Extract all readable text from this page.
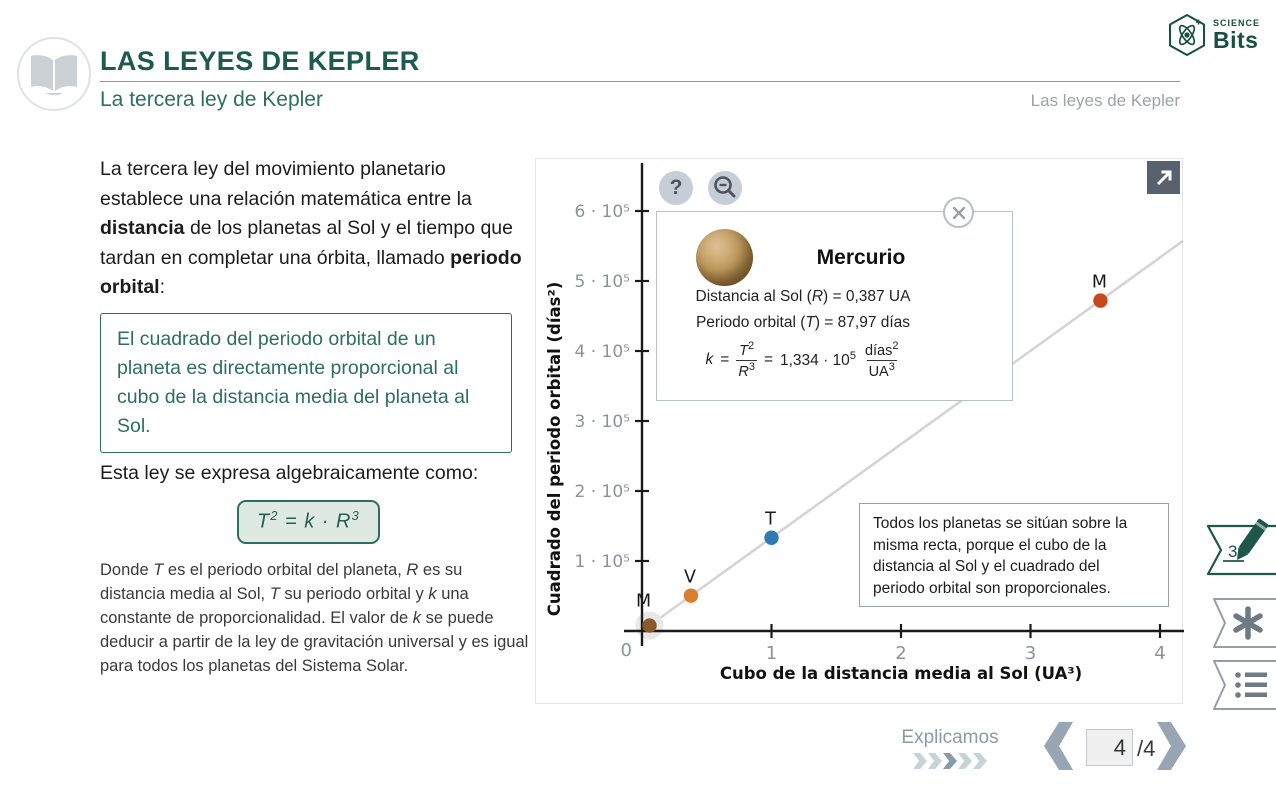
LAS LEYES DE KEPLER
La tercera ley de Kepler	Las leyes de Kepler
SCIENCE
Bits

La tercera ley del movimiento planetario establece una relación matemática entre la distancia de los planetas al Sol y el tiempo que tardan en completar una órbita, llamado periodo orbital:

El cuadrado del periodo orbital de un planeta es directamente proporcional al cubo de la distancia media del planeta al Sol.

Esta ley se expresa algebraicamente como:

$T^2 = k \cdot R^3$

Donde T es el periodo orbital del planeta, R es su distancia media al Sol, T su periodo orbital y k una constante de proporcionalidad. El valor de k se puede deducir a partir de la ley de gravitación universal y es igual para todos los planetas del Sistema Solar.

1 · 10⁵
2 · 10⁵
3 · 10⁵
4 · 10⁵
5 · 10⁵
6 · 10⁵
1	2	3	4
0
M
V
T
M
Cubo de la distancia media al Sol (UA³)
Cuadrado del periodo orbital (días²)
?
Mercurio
Distancia al Sol (R) = 0,387 UA
Periodo orbital (T) = 87,97 días
$k = \frac{T^2}{R^3} = 1,334 \cdot 10^5 \frac{días^2}{UA^3}$
Todos los planetas se sitúan sobre la misma recta, porque el cubo de la distancia al Sol y el cuadrado del periodo orbital son proporcionales.
Explicamos
4	/4
3
